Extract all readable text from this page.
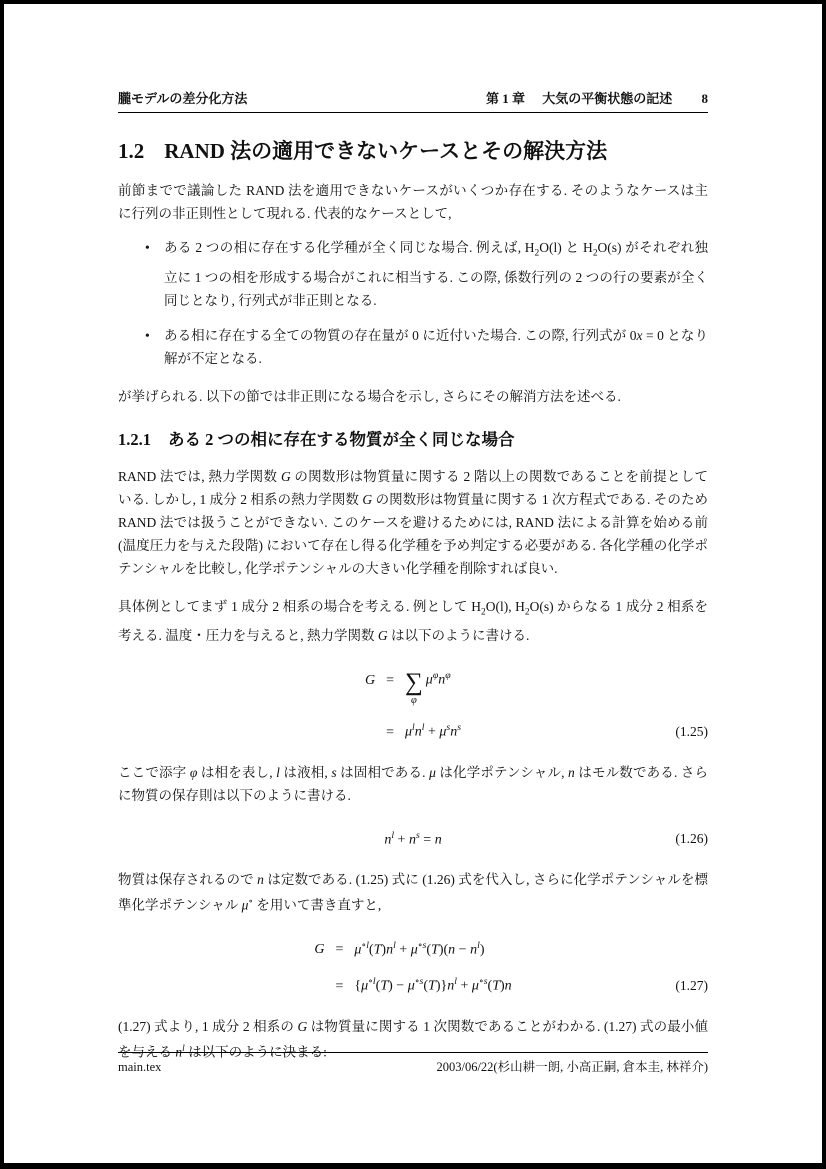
朧モデルの差分化方法	第 1 章 大気の平衡状態の記述 8
1.2 RAND 法の適用できないケースとその解決方法

前節までで議論した RAND 法を適用できないケースがいくつか存在する. そのようなケースは主に行列の非正則性として現れる. 代表的なケースとして,

• ある 2 つの相に存在する化学種が全く同じな場合. 例えば, $H_2O(l)$ と $H_2O(s)$ がそれぞれ独立に 1 つの相を形成する場合がこれに相当する. この際, 係数行列の 2 つの行の要素が全く同じとなり, 行列式が非正則となる.
• ある相に存在する全ての物質の存在量が 0 に近付いた場合. この際, 行列式が 0x = 0 となり解が不定となる.

が挙げられる. 以下の節では非正則になる場合を示し, さらにその解消方法を述べる.

1.2.1 ある 2 つの相に存在する物質が全く同じな場合

RAND 法では, 熱力学関数 G の関数形は物質量に関する 2 階以上の関数であることを前提としている. しかし, 1 成分 2 相系の熱力学関数 G の関数形は物質量に関する 1 次方程式である. そのため RAND 法では扱うことができない. このケースを避けるためには, RAND 法による計算を始める前 (温度圧力を与えた段階) において存在し得る化学種を予め判定する必要がある. 各化学種の化学ポテンシャルを比較し, 化学ポテンシャルの大きい化学種を削除すれば良い.

具体例としてまず 1 成分 2 相系の場合を考える. 例として $H_2O(l)$, $H_2O(s)$ からなる 1 成分 2 相系を考える. 温度・圧力を与えると, 熱力学関数 G は以下のように書ける.

G = ∑
φ
$\mu^\varphi n^\varphi$
= $\mu^ln^l + \mu^sn^s$	(1.25)

ここで添字 φ は相を表し, l は液相, s は固相である. μ は化学ポテンシャル, n はモル数である. さらに物質の保存則は以下のように書ける.

$n^l + n^s = n$	(1.26)

物質は保存されるので n は定数である. (1.25) 式に (1.26) 式を代入し, さらに化学ポテンシャルを標準化学ポテンシャル μ∘ を用いて書き直すと,

$G = \mu^{\circ l}(T)n^l + \mu^{\circ s}(T)(n - n^l)$
= $\{\mu^{\circ l}(T) - \mu^{\circ s}(T)\}n^l + \mu^{\circ s}(T)n$	(1.27)

(1.27) 式より, 1 成分 2 相系の G は物質量に関する 1 次関数であることがわかる. (1.27) 式の最小値を与える $n^l$ は以下のように決まる:

main.tex	2003/06/22(杉山耕一朗, 小高正嗣, 倉本圭, 林祥介)
